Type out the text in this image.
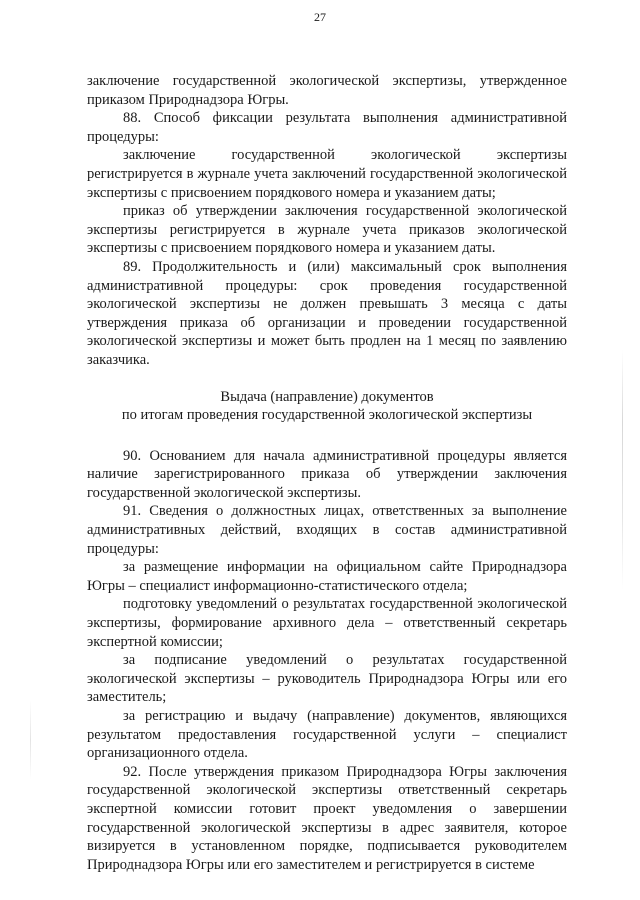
27

заключение государственной экологической экспертизы, утвержденное приказом Природнадзора Югры.

88. Способ фиксации результата выполнения административной процедуры:

заключение государственной экологической экспертизы регистрируется в журнале учета заключений государственной экологической экспертизы с присвоением порядкового номера и указанием даты;

приказ об утверждении заключения государственной экологической экспертизы регистрируется в журнале учета приказов экологической экспертизы с присвоением порядкового номера и указанием даты.

89. Продолжительность и (или) максимальный срок выполнения административной процедуры: срок проведения государственной экологической экспертизы не должен превышать 3 месяца с даты утверждения приказа об организации и проведении государственной экологической экспертизы и может быть продлен на 1 месяц по заявлению заказчика.

Выдача (направление) документов
по итогам проведения государственной экологической экспертизы

90. Основанием для начала административной процедуры является наличие зарегистрированного приказа об утверждении заключения государственной экологической экспертизы.

91. Сведения о должностных лицах, ответственных за выполнение административных действий, входящих в состав административной процедуры:

за размещение информации на официальном сайте Природнадзора Югры – специалист информационно-статистического отдела;

подготовку уведомлений о результатах государственной экологической экспертизы, формирование архивного дела – ответственный секретарь экспертной комиссии;

за подписание уведомлений о результатах государственной экологической экспертизы – руководитель Природнадзора Югры или его заместитель;

за регистрацию и выдачу (направление) документов, являющихся результатом предоставления государственной услуги – специалист организационного отдела.

92. После утверждения приказом Природнадзора Югры заключения государственной экологической экспертизы ответственный секретарь экспертной комиссии готовит проект уведомления о завершении государственной экологической экспертизы в адрес заявителя, которое визируется в установленном порядке, подписывается руководителем Природнадзора Югры или его заместителем и регистрируется в системе
